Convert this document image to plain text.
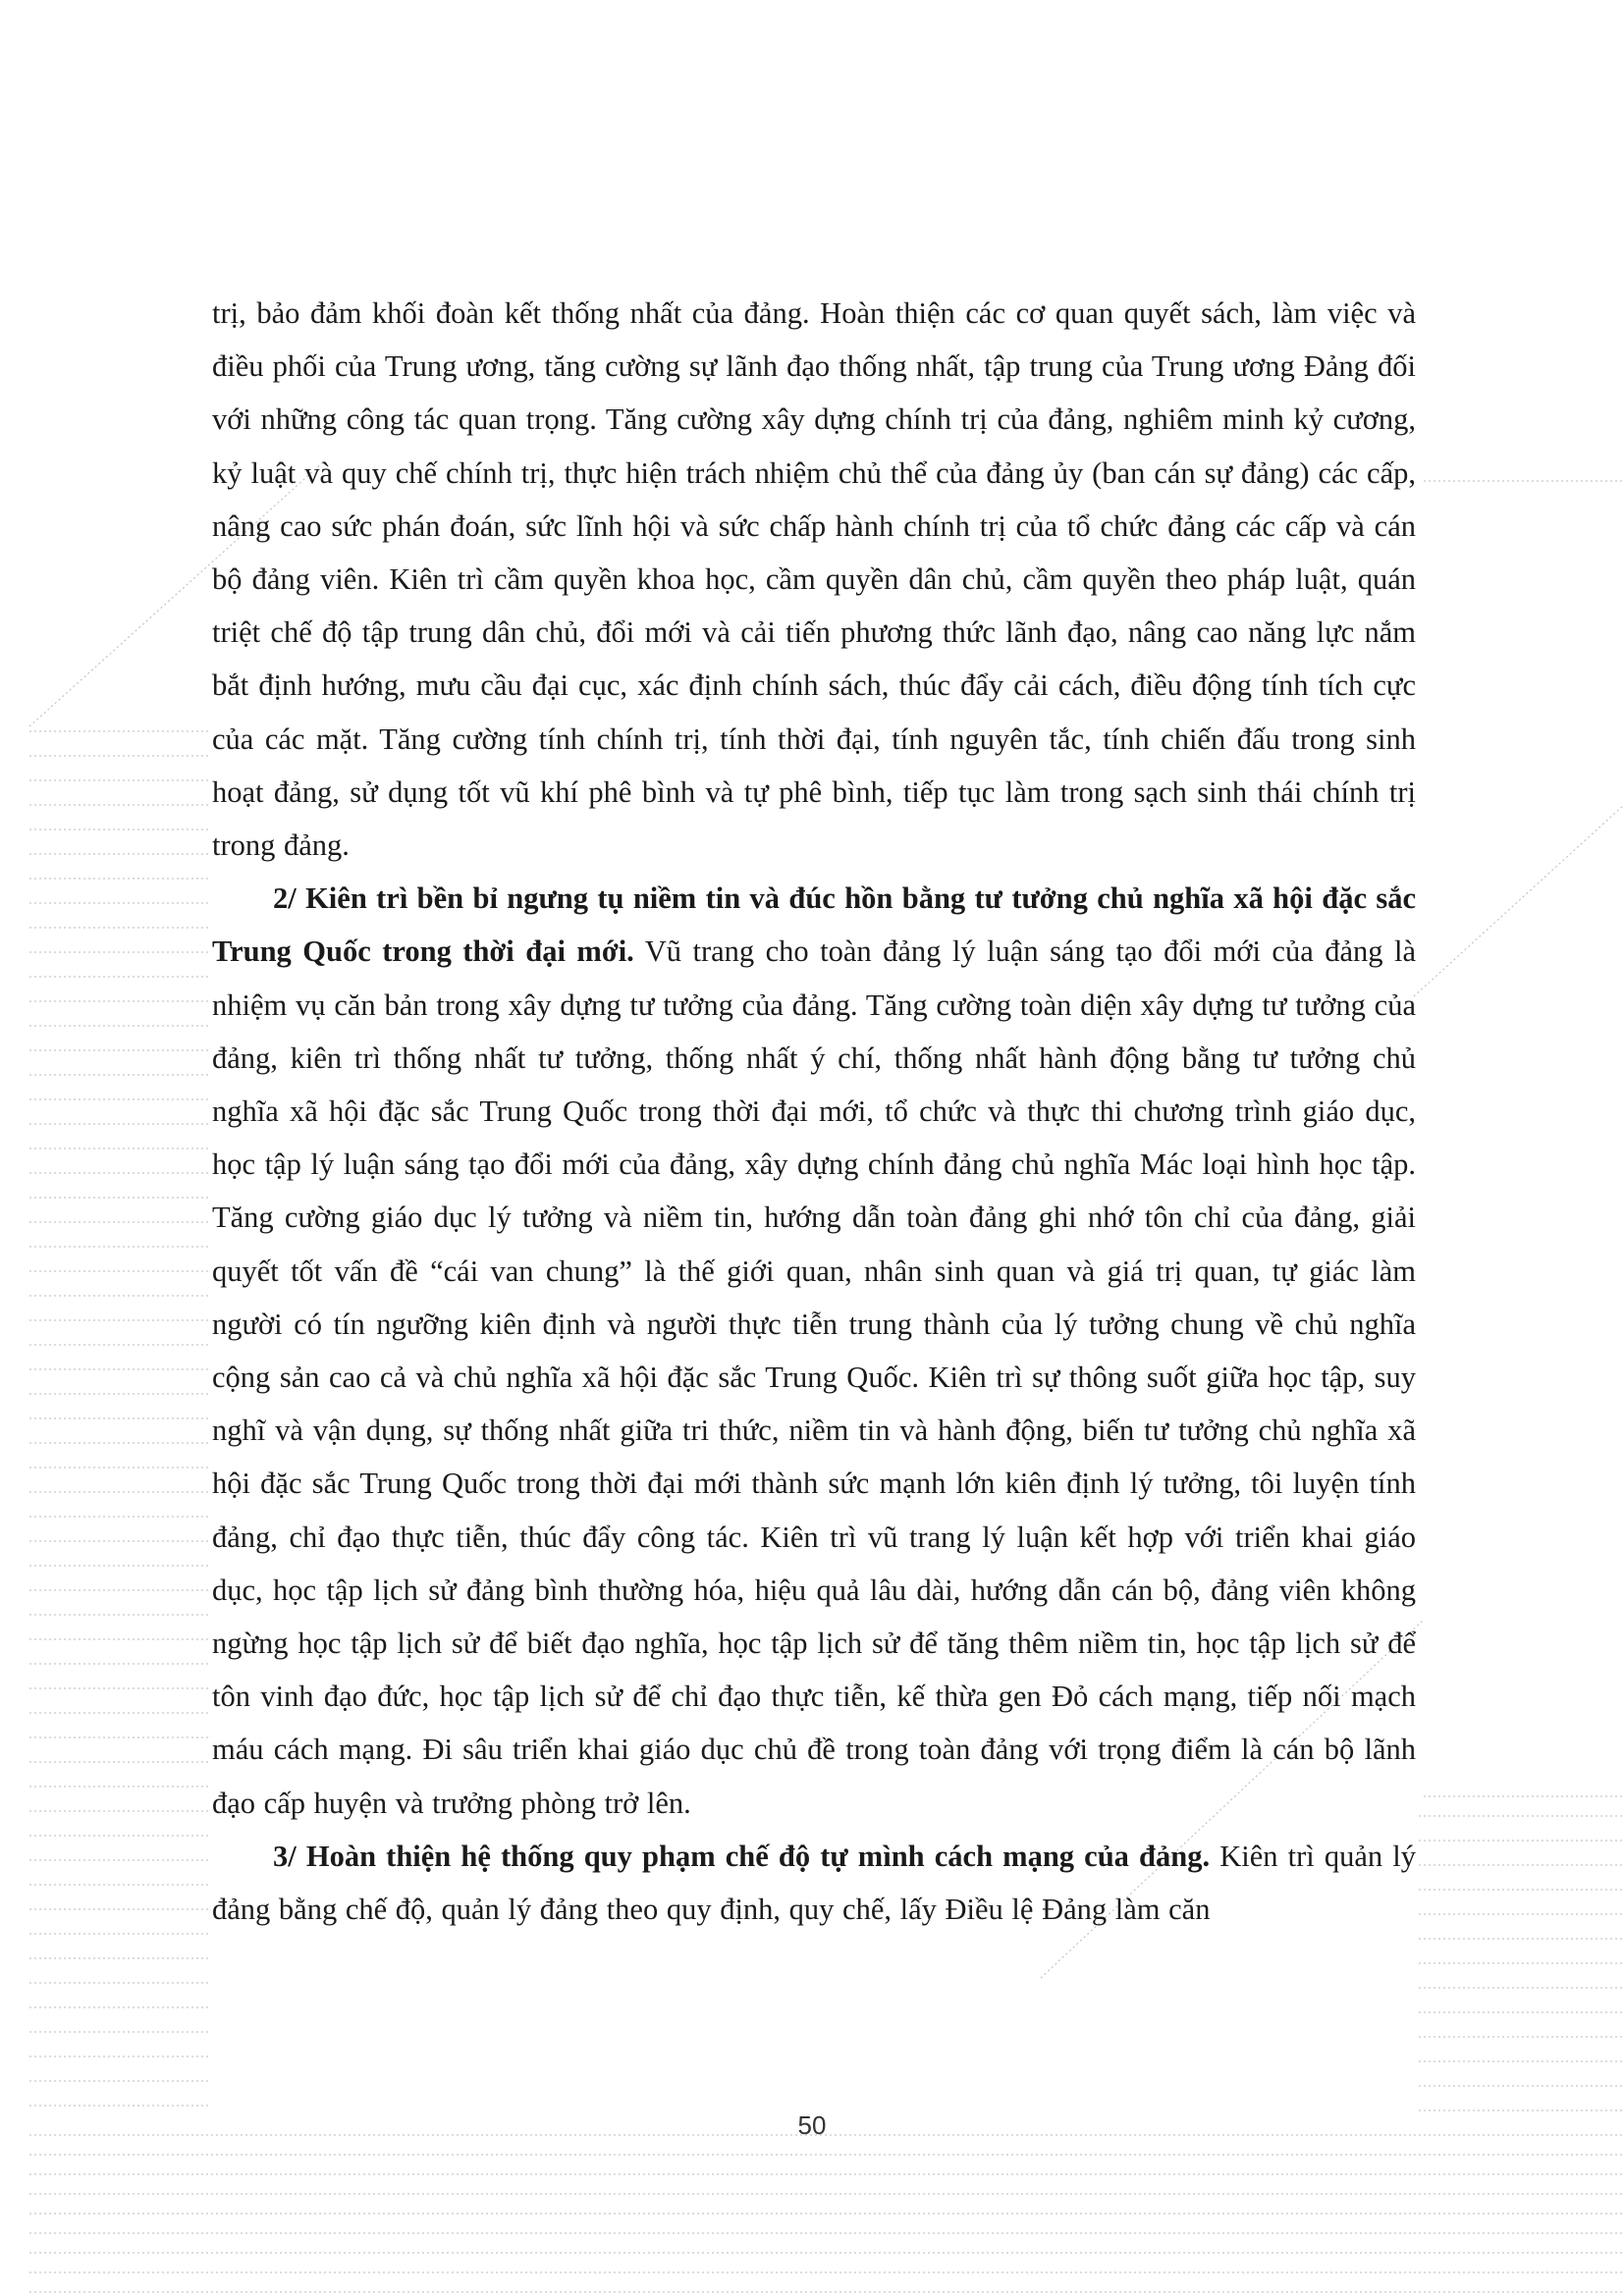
trị, bảo đảm khối đoàn kết thống nhất của đảng. Hoàn thiện các cơ quan quyết sách, làm việc và điều phối của Trung ương, tăng cường sự lãnh đạo thống nhất, tập trung của Trung ương Đảng đối với những công tác quan trọng. Tăng cường xây dựng chính trị của đảng, nghiêm minh kỷ cương, kỷ luật và quy chế chính trị, thực hiện trách nhiệm chủ thể của đảng ủy (ban cán sự đảng) các cấp, nâng cao sức phán đoán, sức lĩnh hội và sức chấp hành chính trị của tổ chức đảng các cấp và cán bộ đảng viên. Kiên trì cầm quyền khoa học, cầm quyền dân chủ, cầm quyền theo pháp luật, quán triệt chế độ tập trung dân chủ, đổi mới và cải tiến phương thức lãnh đạo, nâng cao năng lực nắm bắt định hướng, mưu cầu đại cục, xác định chính sách, thúc đẩy cải cách, điều động tính tích cực của các mặt. Tăng cường tính chính trị, tính thời đại, tính nguyên tắc, tính chiến đấu trong sinh hoạt đảng, sử dụng tốt vũ khí phê bình và tự phê bình, tiếp tục làm trong sạch sinh thái chính trị trong đảng.

2/ Kiên trì bền bỉ ngưng tụ niềm tin và đúc hồn bằng tư tưởng chủ nghĩa xã hội đặc sắc Trung Quốc trong thời đại mới. Vũ trang cho toàn đảng lý luận sáng tạo đổi mới của đảng là nhiệm vụ căn bản trong xây dựng tư tưởng của đảng. Tăng cường toàn diện xây dựng tư tưởng của đảng, kiên trì thống nhất tư tưởng, thống nhất ý chí, thống nhất hành động bằng tư tưởng chủ nghĩa xã hội đặc sắc Trung Quốc trong thời đại mới, tổ chức và thực thi chương trình giáo dục, học tập lý luận sáng tạo đổi mới của đảng, xây dựng chính đảng chủ nghĩa Mác loại hình học tập. Tăng cường giáo dục lý tưởng và niềm tin, hướng dẫn toàn đảng ghi nhớ tôn chỉ của đảng, giải quyết tốt vấn đề “cái van chung” là thế giới quan, nhân sinh quan và giá trị quan, tự giác làm người có tín ngưỡng kiên định và người thực tiễn trung thành của lý tưởng chung về chủ nghĩa cộng sản cao cả và chủ nghĩa xã hội đặc sắc Trung Quốc. Kiên trì sự thông suốt giữa học tập, suy nghĩ và vận dụng, sự thống nhất giữa tri thức, niềm tin và hành động, biến tư tưởng chủ nghĩa xã hội đặc sắc Trung Quốc trong thời đại mới thành sức mạnh lớn kiên định lý tưởng, tôi luyện tính đảng, chỉ đạo thực tiễn, thúc đẩy công tác. Kiên trì vũ trang lý luận kết hợp với triển khai giáo dục, học tập lịch sử đảng bình thường hóa, hiệu quả lâu dài, hướng dẫn cán bộ, đảng viên không ngừng học tập lịch sử để biết đạo nghĩa, học tập lịch sử để tăng thêm niềm tin, học tập lịch sử để tôn vinh đạo đức, học tập lịch sử để chỉ đạo thực tiễn, kế thừa gen Đỏ cách mạng, tiếp nối mạch máu cách mạng. Đi sâu triển khai giáo dục chủ đề trong toàn đảng với trọng điểm là cán bộ lãnh đạo cấp huyện và trưởng phòng trở lên.

3/ Hoàn thiện hệ thống quy phạm chế độ tự mình cách mạng của đảng. Kiên trì quản lý đảng bằng chế độ, quản lý đảng theo quy định, quy chế, lấy Điều lệ Đảng làm căn

50
